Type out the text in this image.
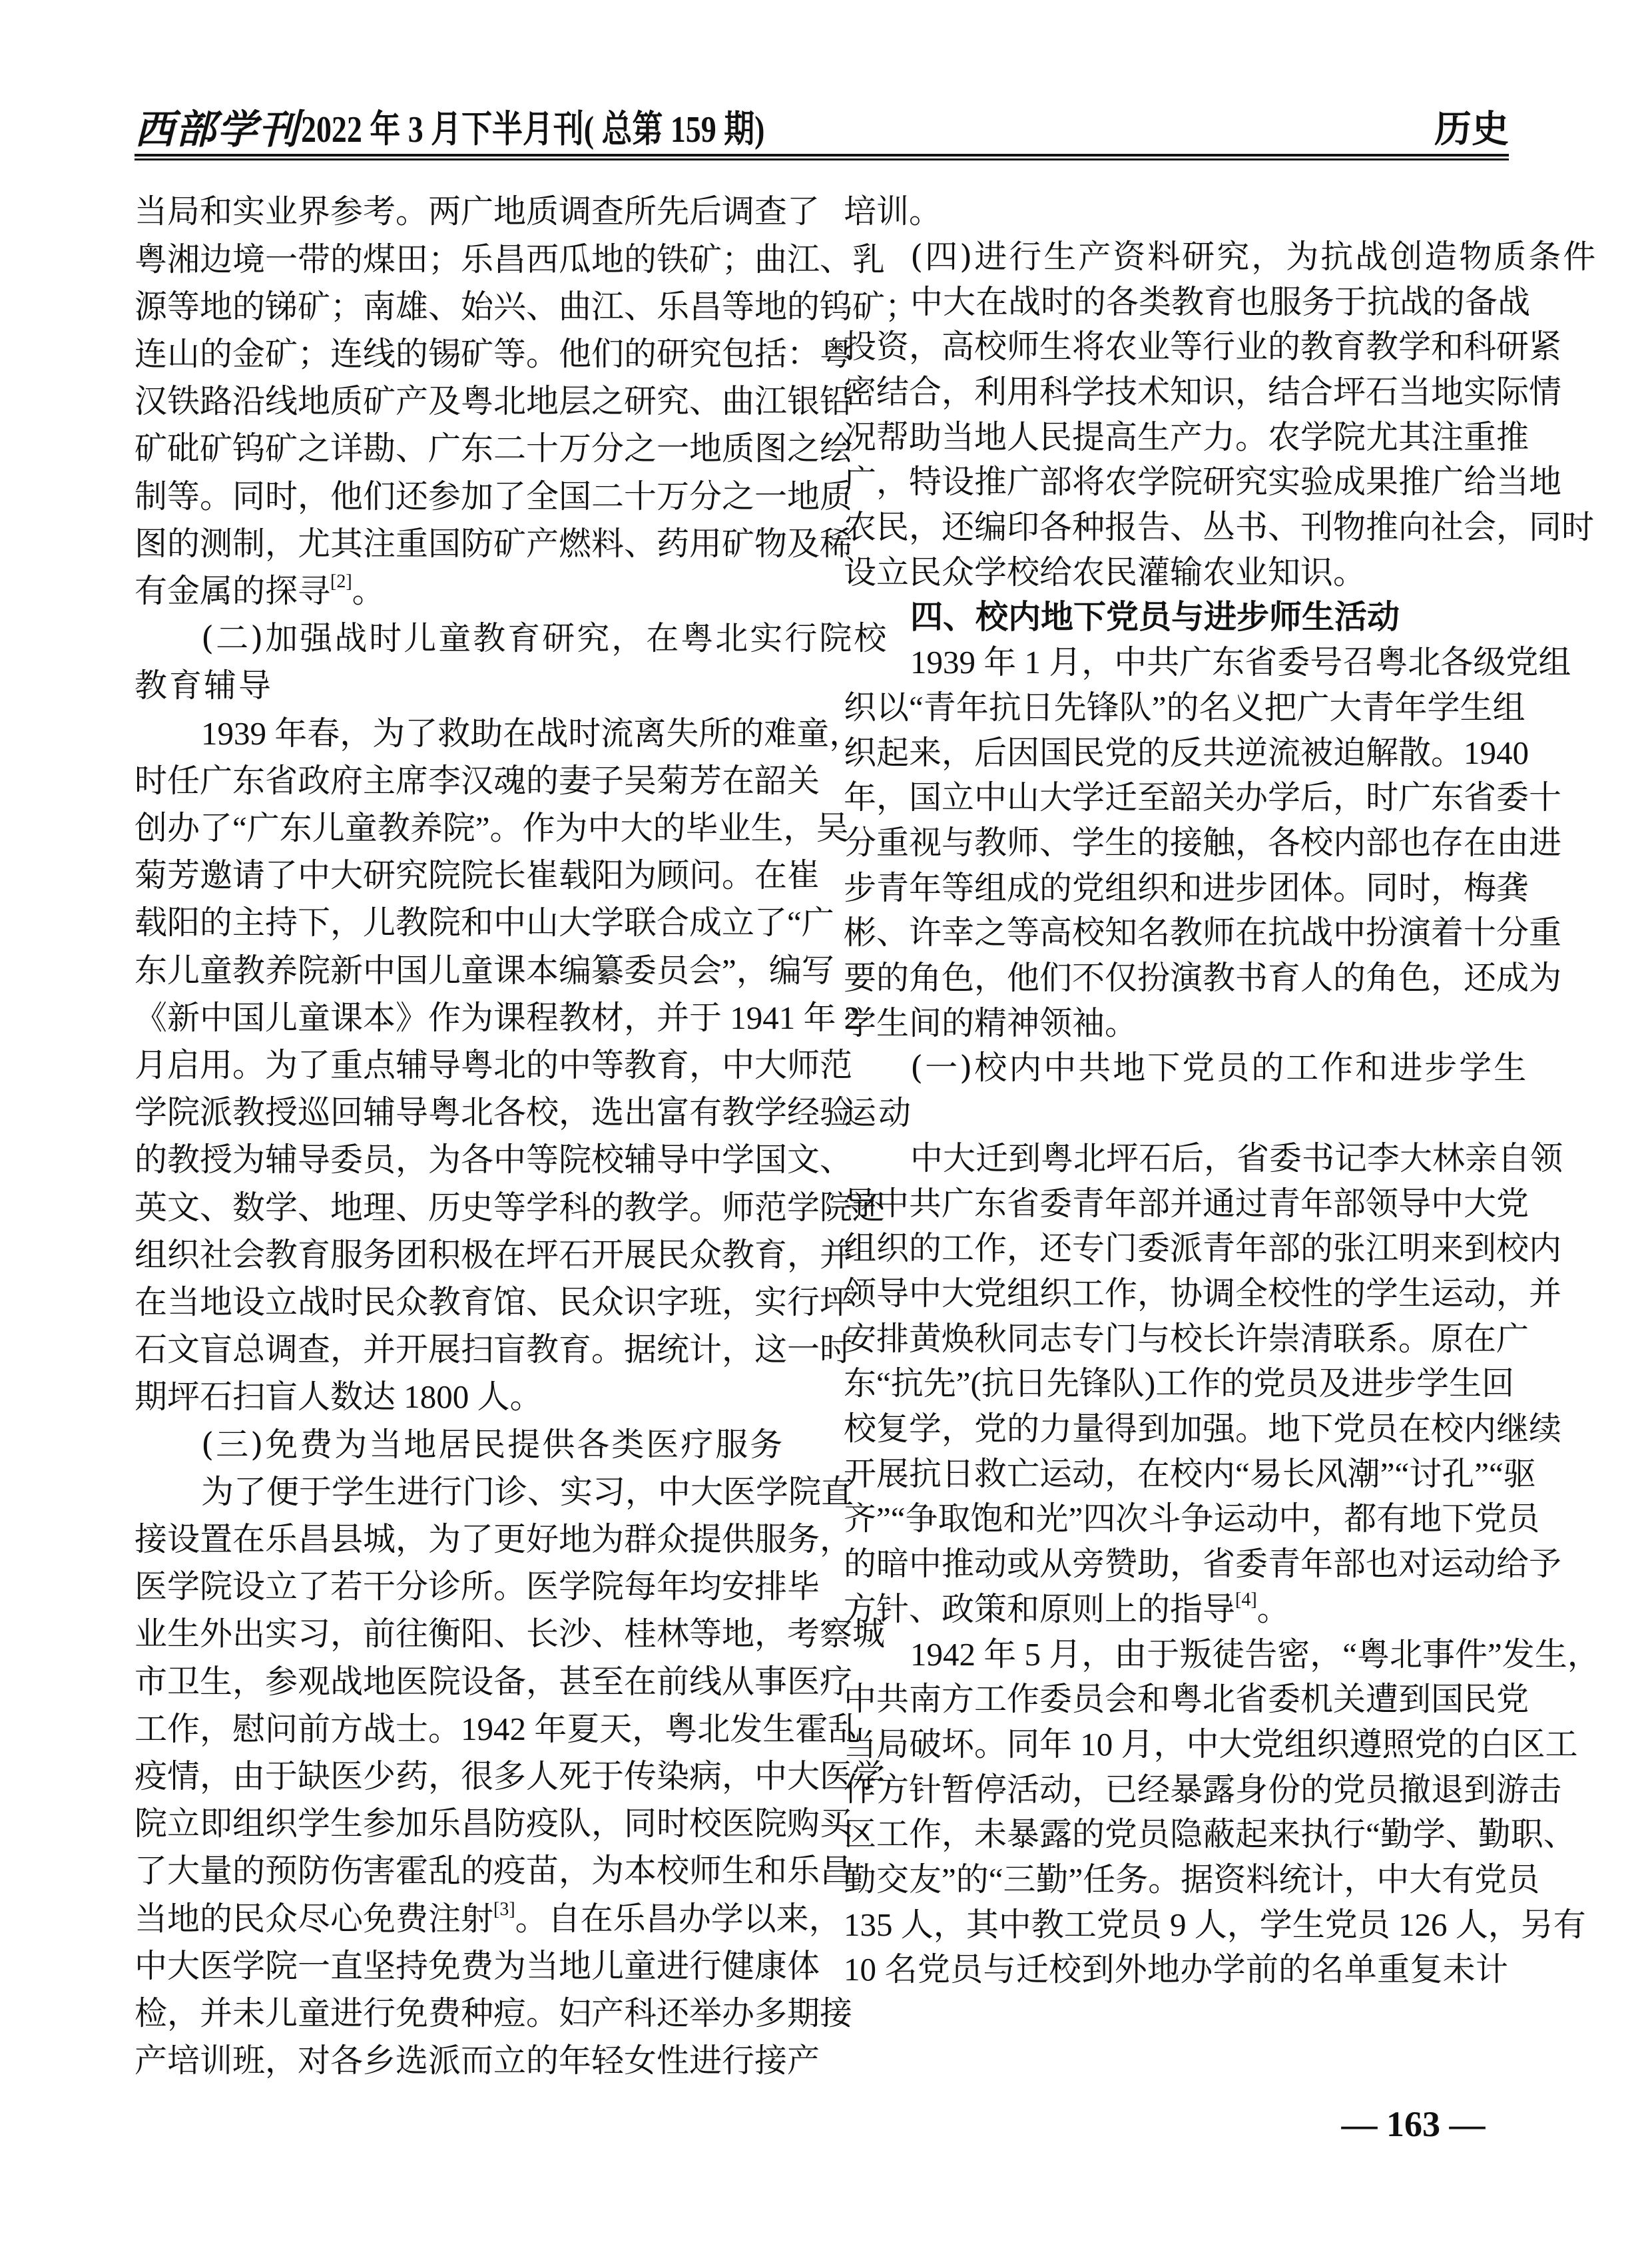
西部学刊 2022 年 3 月下半月刊( 总第 159 期)	历史
当局和实业界参考。两广地质调查所先后调查了
粤湘边境一带的煤田；乐昌西瓜地的铁矿；曲江、乳
源等地的锑矿；南雄、始兴、曲江、乐昌等地的钨矿；
连山的金矿；连线的锡矿等。他们的研究包括：粤
汉铁路沿线地质矿产及粤北地层之研究、曲江银铅
矿砒矿钨矿之详勘、广东二十万分之一地质图之绘
制等。同时，他们还参加了全国二十万分之一地质
图的测制，尤其注重国防矿产燃料、药用矿物及稀
有金属的探寻[2]。
(二)加强战时儿童教育研究，在粤北实行院校
教育辅导
1939 年春，为了救助在战时流离失所的难童，
时任广东省政府主席李汉魂的妻子吴菊芳在韶关
创办了“广东儿童教养院”。作为中大的毕业生，吴
菊芳邀请了中大研究院院长崔载阳为顾问。在崔
载阳的主持下，儿教院和中山大学联合成立了“广
东儿童教养院新中国儿童课本编纂委员会”，编写
《新中国儿童课本》作为课程教材，并于 1941 年 2
月启用。为了重点辅导粤北的中等教育，中大师范
学院派教授巡回辅导粤北各校，选出富有教学经验
的教授为辅导委员，为各中等院校辅导中学国文、
英文、数学、地理、历史等学科的教学。师范学院还
组织社会教育服务团积极在坪石开展民众教育，并
在当地设立战时民众教育馆、民众识字班，实行坪
石文盲总调查，并开展扫盲教育。据统计，这一时
期坪石扫盲人数达 1800 人。
(三)免费为当地居民提供各类医疗服务
为了便于学生进行门诊、实习，中大医学院直
接设置在乐昌县城，为了更好地为群众提供服务，
医学院设立了若干分诊所。医学院每年均安排毕
业生外出实习，前往衡阳、长沙、桂林等地，考察城
市卫生，参观战地医院设备，甚至在前线从事医疗
工作，慰问前方战士。1942 年夏天，粤北发生霍乱
疫情，由于缺医少药，很多人死于传染病，中大医学
院立即组织学生参加乐昌防疫队，同时校医院购买
了大量的预防伤害霍乱的疫苗，为本校师生和乐昌
当地的民众尽心免费注射[3]。自在乐昌办学以来，
中大医学院一直坚持免费为当地儿童进行健康体
检，并未儿童进行免费种痘。妇产科还举办多期接
产培训班，对各乡选派而立的年轻女性进行接产
培训。
(四)进行生产资料研究，为抗战创造物质条件
中大在战时的各类教育也服务于抗战的备战
投资，高校师生将农业等行业的教育教学和科研紧
密结合，利用科学技术知识，结合坪石当地实际情
况帮助当地人民提高生产力。农学院尤其注重推
广，特设推广部将农学院研究实验成果推广给当地
农民，还编印各种报告、丛书、刊物推向社会，同时
设立民众学校给农民灌输农业知识。
四、校内地下党员与进步师生活动
1939 年 1 月，中共广东省委号召粤北各级党组
织以“青年抗日先锋队”的名义把广大青年学生组
织起来，后因国民党的反共逆流被迫解散。1940
年，国立中山大学迁至韶关办学后，时广东省委十
分重视与教师、学生的接触，各校内部也存在由进
步青年等组成的党组织和进步团体。同时，梅龚
彬、许幸之等高校知名教师在抗战中扮演着十分重
要的角色，他们不仅扮演教书育人的角色，还成为
学生间的精神领袖。
(一)校内中共地下党员的工作和进步学生
运动
中大迁到粤北坪石后，省委书记李大林亲自领
导中共广东省委青年部并通过青年部领导中大党
组织的工作，还专门委派青年部的张江明来到校内
领导中大党组织工作，协调全校性的学生运动，并
安排黄焕秋同志专门与校长许崇清联系。原在广
东“抗先”(抗日先锋队)工作的党员及进步学生回
校复学，党的力量得到加强。地下党员在校内继续
开展抗日救亡运动，在校内“易长风潮”“讨孔”“驱
齐”“争取饱和光”四次斗争运动中，都有地下党员
的暗中推动或从旁赞助，省委青年部也对运动给予
方针、政策和原则上的指导[4]。
1942 年 5 月，由于叛徒告密，“粤北事件”发生，
中共南方工作委员会和粤北省委机关遭到国民党
当局破坏。同年 10 月，中大党组织遵照党的白区工
作方针暂停活动，已经暴露身份的党员撤退到游击
区工作，未暴露的党员隐蔽起来执行“勤学、勤职、
勤交友”的“三勤”任务。据资料统计，中大有党员
135 人，其中教工党员 9 人，学生党员 126 人，另有
10 名党员与迁校到外地办学前的名单重复未计
— 163 —
